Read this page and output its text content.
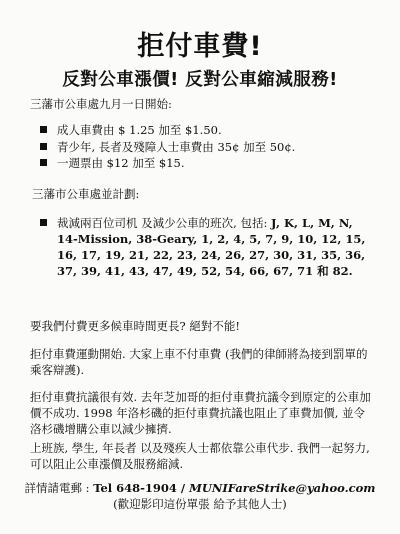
拒付車費!
反對公車漲價! 反對公車縮減服務!
三藩市公車處九月一日開始:
成人車費由 $ 1.25 加至 $1.50.
青少年, 長者及殘障人士車費由 35¢ 加至 50¢.
一週票由 $12 加至 $15.
三藩市公車處並計劃:
裁減兩百位司机 及減少公車的班次, 包括: J, K, L, M, N, 14-Mission, 38-Geary, 1, 2, 4, 5, 7, 9, 10, 12, 15, 16, 17, 19, 21, 22, 23, 24, 26, 27, 30, 31, 35, 36, 37, 39, 41, 43, 47, 49, 52, 54, 66, 67, 71 和 82.
要我們付費更多候車時間更長? 絕對不能!
拒付車費運動開始. 大家上車不付車費 (我們的律師將為接到罰單的乘客辯護).
拒付車費抗議很有效. 去年芝加哥的拒付車費抗議令到原定的公車加價不成功. 1998 年洛杉磯的拒付車費抗議也阻止了車費加價, 並令洛杉磯增購公車以減少擁擠.
上班族, 學生, 年長者 以及殘疾人士都依靠公車代步. 我們一起努力, 可以阻止公車漲價及服務縮減.
詳情請電郵 : Tel 648-1904 / MUNIFareStrike@yahoo.com
(歡迎影印這份單張 給予其他人士)
